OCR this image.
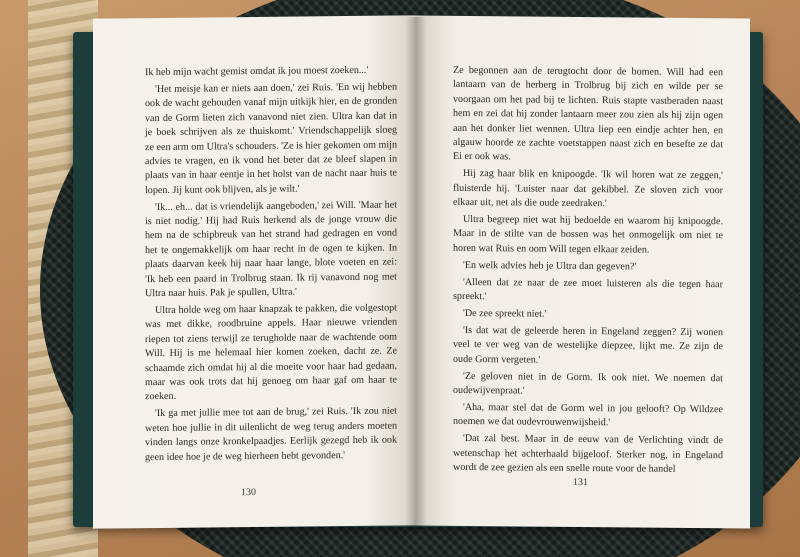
Ik heb mijn wacht gemist omdat ik jou moest zoeken...'

'Het meisje kan er niets aan doen,' zei Ruis. 'En wij hebben ook de wacht gehouden vanaf mijn uitkijk hier, en de gronden van de Gorm lieten zich vanavond niet zien. Ultra kan dat in je boek schrijven als ze thuiskomt.' Vriendschappelijk sloeg ze een arm om Ultra's schouders. 'Ze is hier gekomen om mijn advies te vragen, en ik vond het beter dat ze bleef slapen in plaats van in haar eentje in het holst van de nacht naar huis te lopen. Jij kunt ook blijven, als je wilt.'

'Ik... eh... dat is vriendelijk aangeboden,' zei Will. 'Maar het is niet nodig.' Hij had Ruis herkend als de jonge vrouw die hem na de schipbreuk van het strand had gedragen en vond het te ongemakkelijk om haar recht in de ogen te kijken. In plaats daarvan keek hij naar haar lange, blote voeten en zei: 'Ik heb een paard in Trolbrug staan. Ik rij vanavond nog met Ultra naar huis. Pak je spullen, Ultra.'

Ultra holde weg om haar knapzak te pakken, die volgestopt was met dikke, roodbruine appels. Haar nieuwe vrienden riepen tot ziens terwijl ze terugholde naar de wachtende oom Will. Hij is me helemaal hier komen zoeken, dacht ze. Ze schaamde zich omdat hij al die moeite voor haar had gedaan, maar was ook trots dat hij genoeg om haar gaf om haar te zoeken.

'Ik ga met jullie mee tot aan de brug,' zei Ruis. 'Ik zou niet weten hoe jullie in dit uilenlicht de weg terug anders moeten vinden langs onze kronkelpaadjes. Eerlijk gezegd heb ik ook geen idee hoe je de weg hierheen hebt gevonden.'

130

Ze begonnen aan de terugtocht door de bomen. Will had een lantaarn van de herberg in Trolbrug bij zich en wilde per se voorgaan om het pad bij te lichten. Ruis stapte vastberaden naast hem en zei dat hij zonder lantaarn meer zou zien als hij zijn ogen aan het donker liet wennen. Ultra liep een eindje achter hen, en algauw hoorde ze zachte voetstappen naast zich en besefte ze dat Ei er ook was.

Hij zag haar blik en knipoogde. 'Ik wil horen wat ze zeggen,' fluisterde hij. 'Luister naar dat gekibbel. Ze sloven zich voor elkaar uit, net als die oude zeedraken.'

Ultra begreep niet wat hij bedoelde en waarom hij knipoogde. Maar in de stilte van de bossen was het onmogelijk om niet te horen wat Ruis en oom Will tegen elkaar zeiden.

'En welk advies heb je Ultra dan gegeven?'

'Alleen dat ze naar de zee moet luisteren als die tegen haar spreekt.'

'De zee spreekt niet.'

'Is dat wat de geleerde heren in Engeland zeggen? Zij wonen veel te ver weg van de westelijke diepzee, lijkt me. Ze zijn de oude Gorm vergeten.'

'Ze geloven niet in de Gorm. Ik ook niet. We noemen dat oudewijvenpraat.'

'Aha, maar stel dat de Gorm wel in jou gelooft? Op Wildzee noemen we dat oudevrouwenwijsheid.'

'Dat zal best. Maar in de eeuw van de Verlichting vindt de wetenschap het achterhaald bijgeloof. Sterker nog, in Engeland wordt de zee gezien als een snelle route voor de handel

131
